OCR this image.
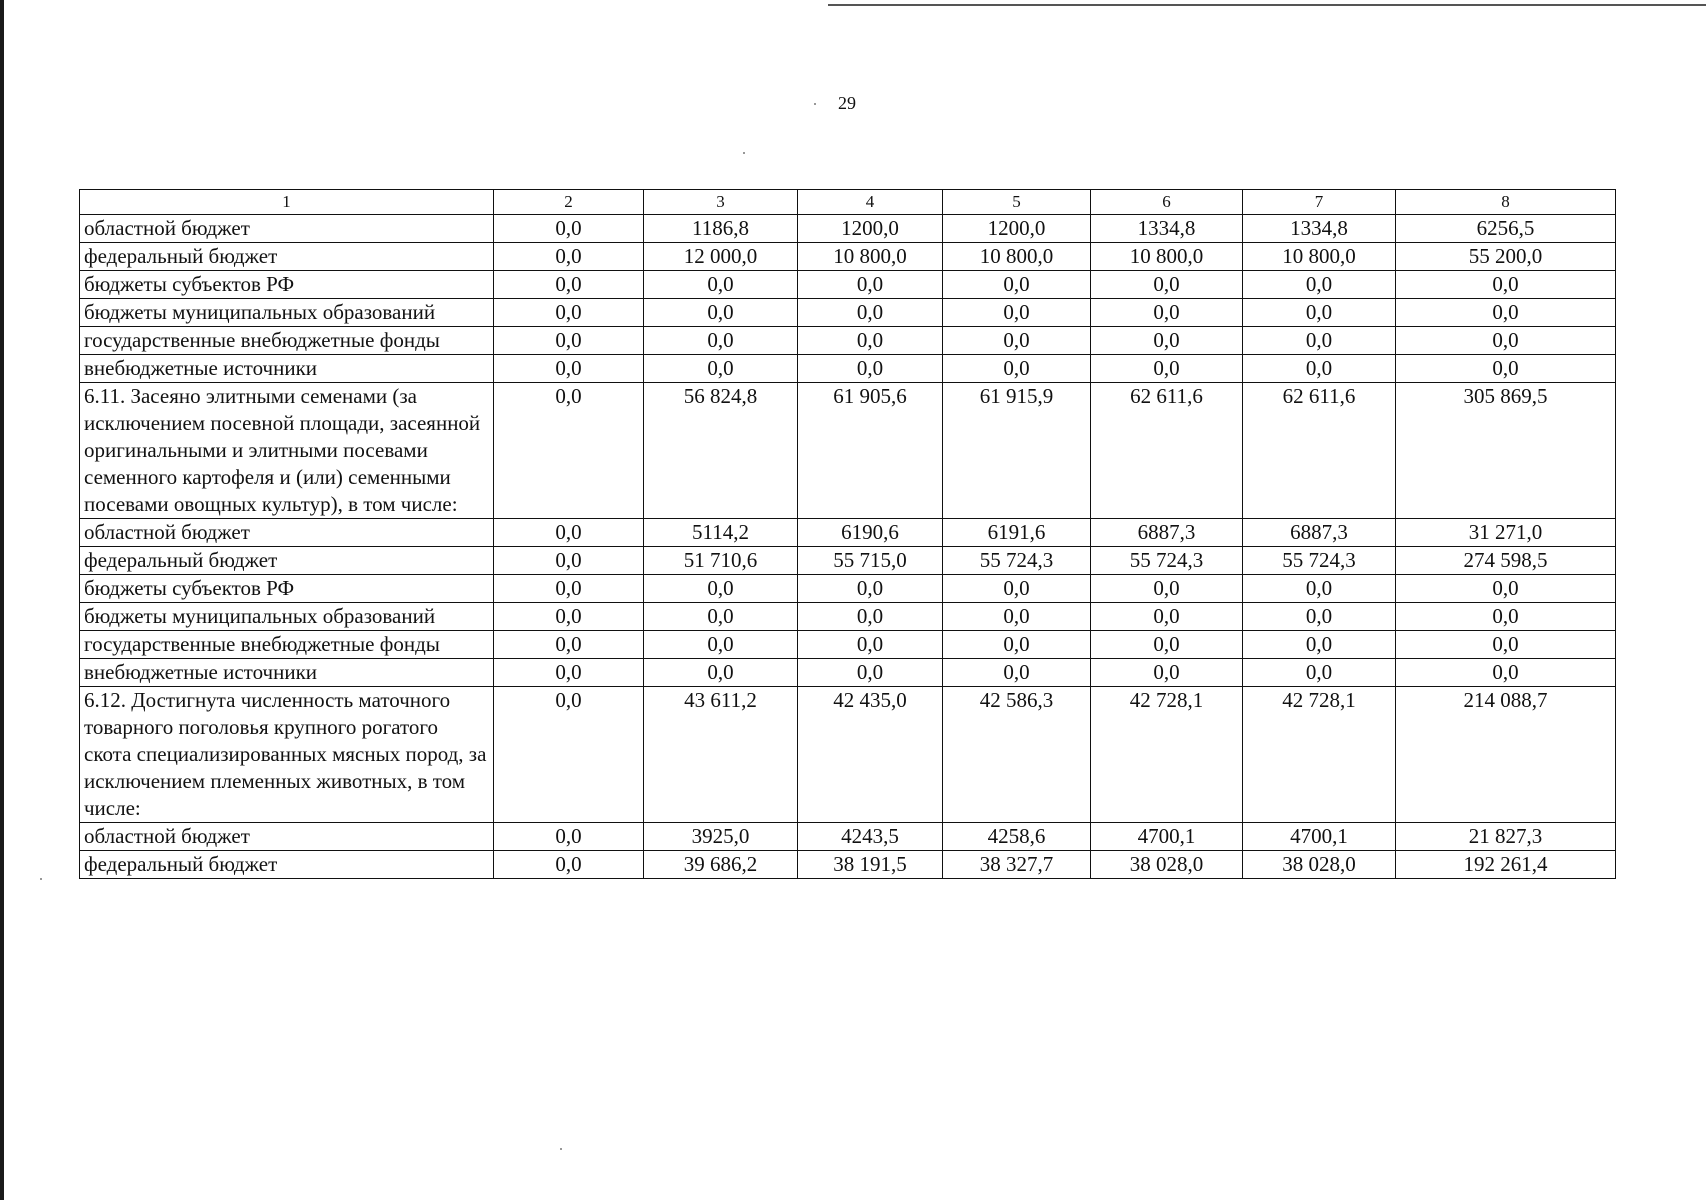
29
1	2	3	4	5	6	7	8
областной бюджет	0,0	1186,8	1200,0	1200,0	1334,8	1334,8	6256,5
федеральный бюджет	0,0	12 000,0	10 800,0	10 800,0	10 800,0	10 800,0	55 200,0
бюджеты субъектов РФ	0,0	0,0	0,0	0,0	0,0	0,0	0,0
бюджеты муниципальных образований	0,0	0,0	0,0	0,0	0,0	0,0	0,0
государственные внебюджетные фонды	0,0	0,0	0,0	0,0	0,0	0,0	0,0
внебюджетные источники	0,0	0,0	0,0	0,0	0,0	0,0	0,0
6.11. Засеяно элитными семенами (за исключением посевной площади, засеянной оригинальными и элитными посевами семенного картофеля и (или) семенными посевами овощных культур), в том числе:	0,0	56 824,8	61 905,6	61 915,9	62 611,6	62 611,6	305 869,5
областной бюджет	0,0	5114,2	6190,6	6191,6	6887,3	6887,3	31 271,0
федеральный бюджет	0,0	51 710,6	55 715,0	55 724,3	55 724,3	55 724,3	274 598,5
бюджеты субъектов РФ	0,0	0,0	0,0	0,0	0,0	0,0	0,0
бюджеты муниципальных образований	0,0	0,0	0,0	0,0	0,0	0,0	0,0
государственные внебюджетные фонды	0,0	0,0	0,0	0,0	0,0	0,0	0,0
внебюджетные источники	0,0	0,0	0,0	0,0	0,0	0,0	0,0
6.12. Достигнута численность маточного товарного поголовья крупного рогатого скота специализированных мясных пород, за исключением племенных животных, в том числе:	0,0	43 611,2	42 435,0	42 586,3	42 728,1	42 728,1	214 088,7
областной бюджет	0,0	3925,0	4243,5	4258,6	4700,1	4700,1	21 827,3
федеральный бюджет	0,0	39 686,2	38 191,5	38 327,7	38 028,0	38 028,0	192 261,4
